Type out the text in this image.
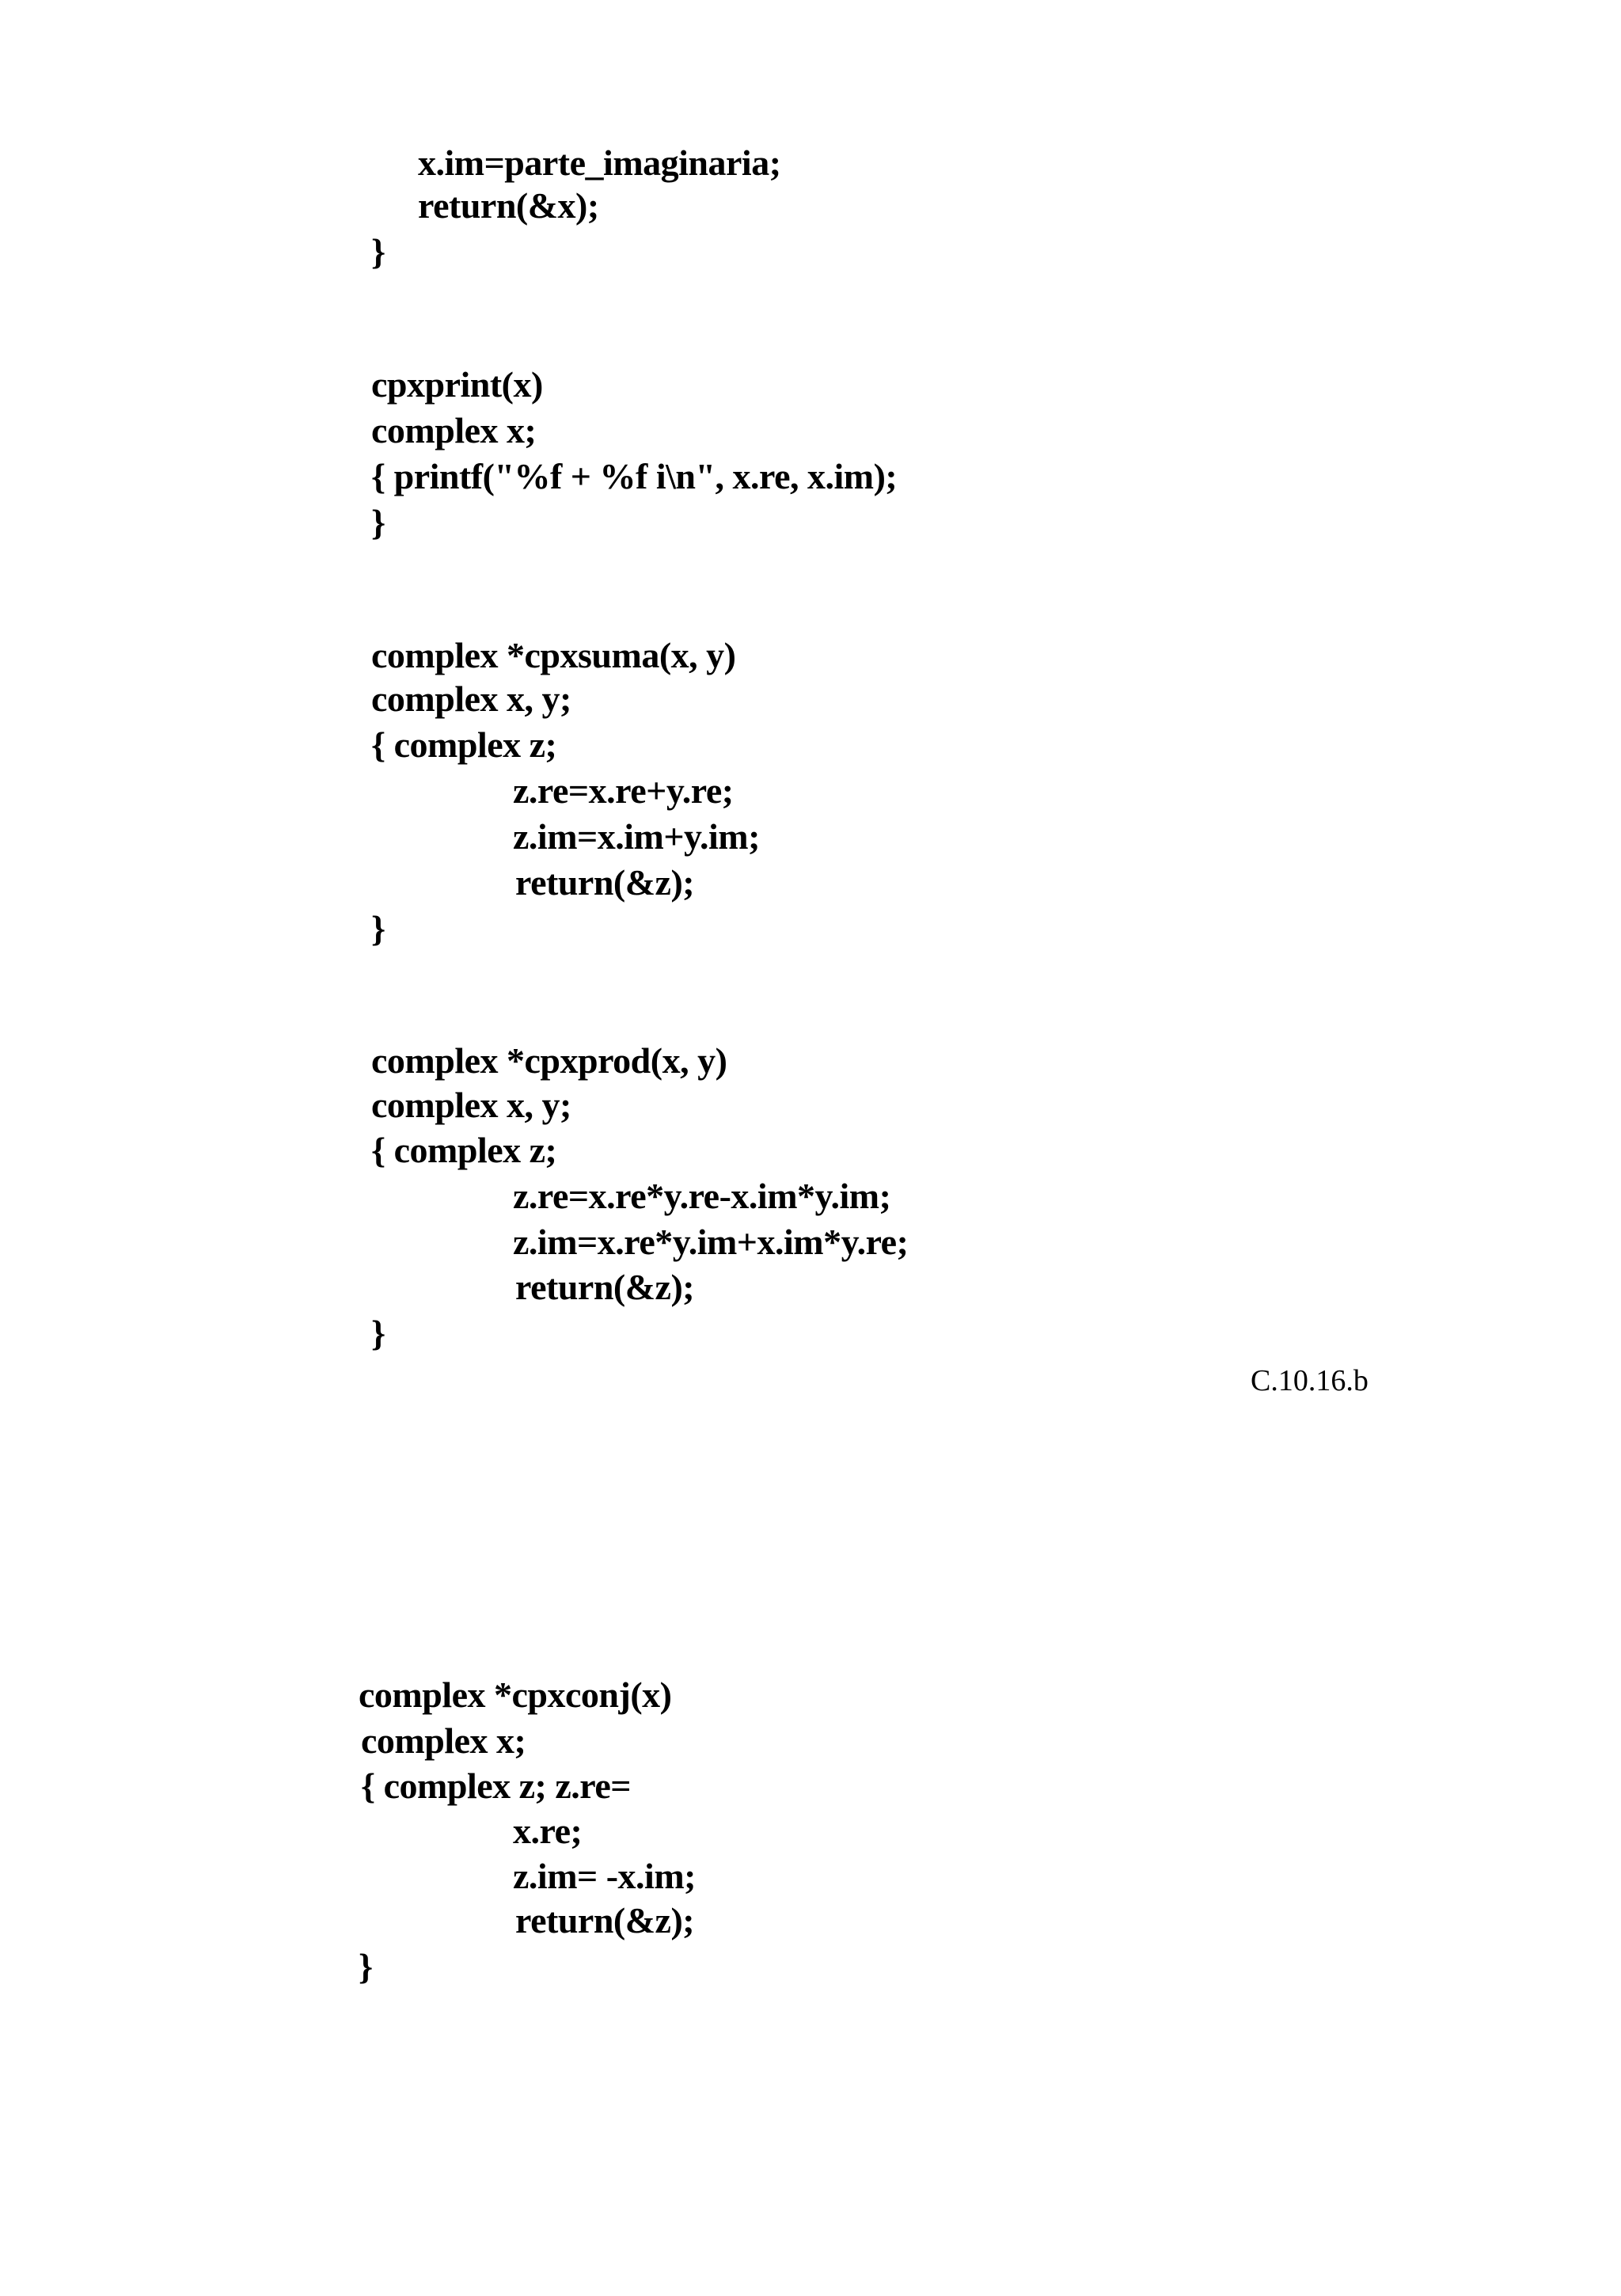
x.im=parte_imaginaria;
return(&x);
}
cpxprint(x)
complex x;
{ printf("%f + %f i\n", x.re, x.im);
}
complex *cpxsuma(x, y)
complex x, y;
{ complex z;
z.re=x.re+y.re;
z.im=x.im+y.im;
return(&z);
}
complex *cpxprod(x, y)
complex x, y;
{ complex z;
z.re=x.re*y.re-x.im*y.im;
z.im=x.re*y.im+x.im*y.re;
return(&z);
}
C.10.16.b
complex *cpxconj(x)
complex x;
{ complex z; z.re=
x.re;
z.im= -x.im;
return(&z);
}
